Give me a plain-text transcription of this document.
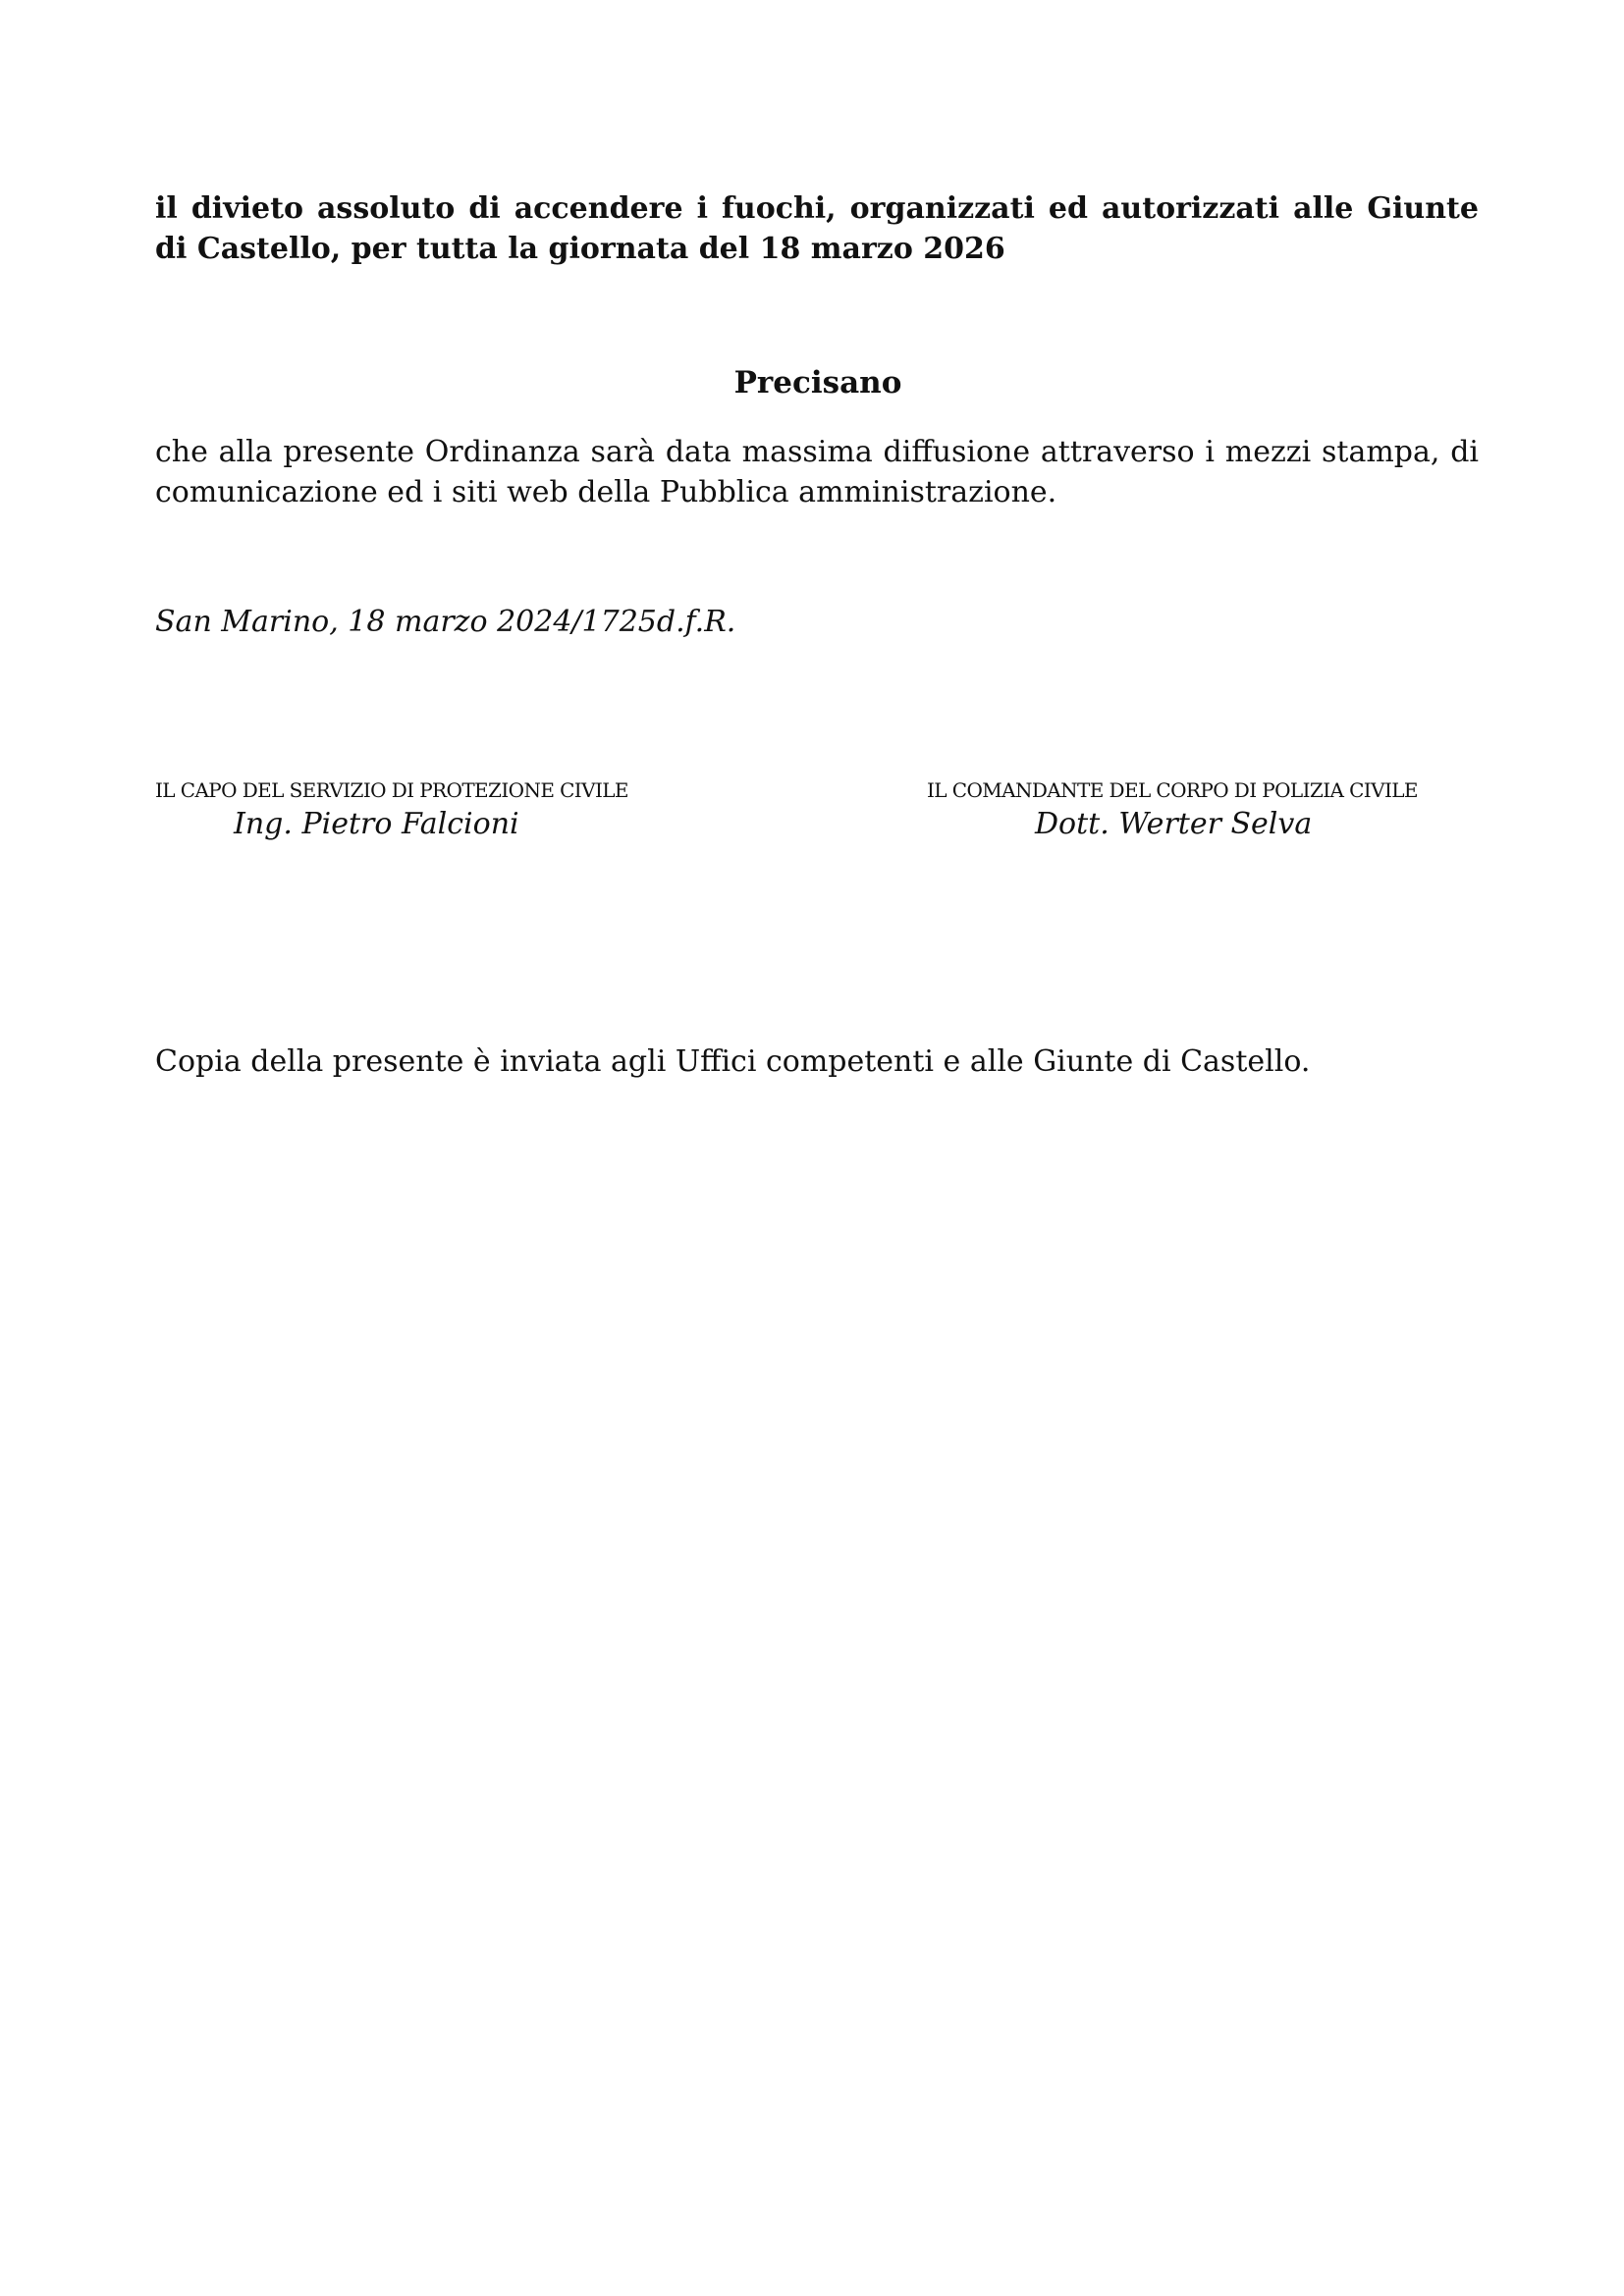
il divieto assoluto di accendere i fuochi, organizzati ed autorizzati alle Giunte di Castello, per tutta la giornata del 18 marzo 2026

Precisano

che alla presente Ordinanza sarà data massima diffusione attraverso i mezzi stampa, di comunicazione ed i siti web della Pubblica amministrazione.

San Marino, 18 marzo 2024/1725d.f.R.
IL CAPO DEL SERVIZIO DI PROTEZIONE CIVILE
Ing. Pietro Falcioni
IL COMANDANTE DEL CORPO DI POLIZIA CIVILE
Dott. Werter Selva
Copia della presente è inviata agli Uffici competenti e alle Giunte di Castello.
